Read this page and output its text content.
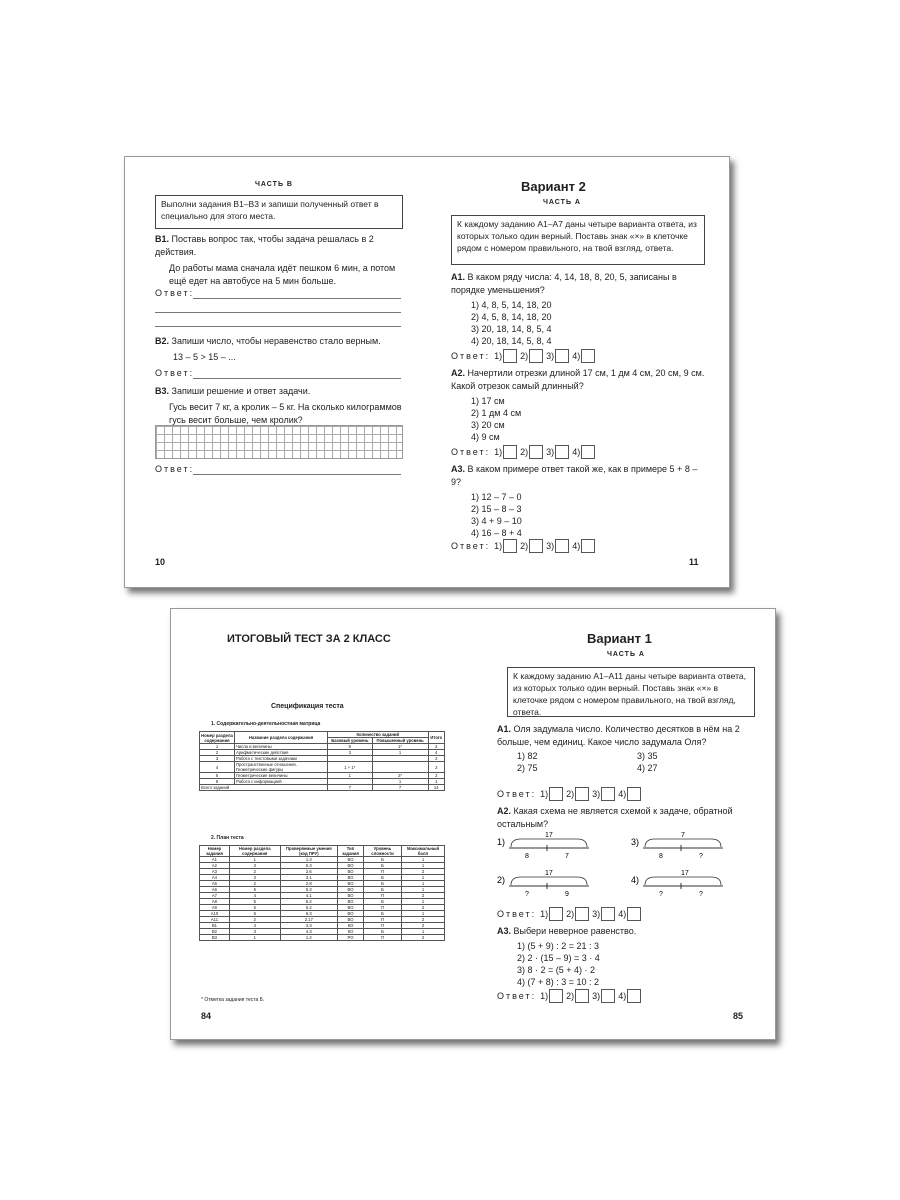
ЧАСТЬ В
Выполни задания В1–В3 и запиши полученный ответ в специально для этого места.
В1. Поставь вопрос так, чтобы задача решалась в 2 действия.
До работы мама сначала идёт пешком 6 мин, а потом ещё едет на автобусе на 5 мин больше.
Ответ:
В2. Запиши число, чтобы неравенство стало верным.
13 – 5 > 15 – ...
Ответ:
В3. Запиши решение и ответ задачи.
Гусь весит 7 кг, а кролик – 5 кг. На сколько килограммов гусь весит больше, чем кролик?
Ответ:
10
Вариант 2
ЧАСТЬ А
К каждому заданию А1–А7 даны четыре варианта ответа, из которых только один верный. Поставь знак «×» в клеточке рядом с номером правильного, на твой взгляд, ответа.
А1. В каком ряду числа: 4, 14, 18, 8, 20, 5, записаны в порядке уменьшения?
1) 4, 8, 5, 14, 18, 20
2) 4, 5, 8, 14, 18, 20
3) 20, 18, 14, 8, 5, 4
4) 20, 18, 14, 5, 8, 4
Ответ: 1) 2) 3) 4)
А2. Начертили отрезки длиной 17 см, 1 дм 4 см, 20 см, 9 см. Какой отрезок самый длинный?
1) 17 см
2) 1 дм 4 см
3) 20 см
4) 9 см
Ответ: 1) 2) 3) 4)
А3. В каком примере ответ такой же, как в примере 5 + 8 – 9?
1) 12 – 7 – 0
2) 15 – 8 – 3
3) 4 + 9 – 10
4) 16 – 8 + 4
Ответ: 1) 2) 3) 4)
11
ИТОГОВЫЙ ТЕСТ ЗА 2 КЛАСС
Спецификация теста
1. Содержательно-деятельностная матрица
Номер раздела содержания	Название раздела содержания	Количество заданий		Итого
		Базовый уровень	Повышенный уровень	
1	Числа и величины	5	1*	2
2	Арифметические действия	3	1	4
3	Работа с текстовыми задачами			2
4	Пространственные отношения. Геометрические фигуры	1 + 1*		2
5	Геометрические величины	1	2*	2
6	Работа с информацией		1	1
Всего заданий		7	7	14
2. План теста
Номер задания	Номер раздела содержания	Проверяемые умения (код ПРУ)	Тип задания	Уровень сложности	Максимальный балл
А1	1	1.3	ВО	Б	1
А2	3	5.3	ВО	Б	1
А3	2	2.6	ВО	П	2
А4	3	3.1	ВО	Б	1
А5	2	2.8	ВО	Б	1
А6	5	5.3	ВО	Б	1
А7	4	4.1	ВО	П	2
А8	5	5.2	ВО	Б	1
А9	5	5.2	ВО	П	2
А10	6	6.3	ВО	Б	1
А11	2	2.17	ВО	П	2
В1	4	3.3	КО	П	2
В2	3	4.3	КО	Б	1
В3	1	1.2	РО	П	2
* Отметка задания теста Б.
84
Вариант 1
ЧАСТЬ А
К каждому заданию А1–А11 даны четыре варианта ответа, из которых только один верный. Поставь знак «×» в клеточке рядом с номером правильного, на твой взгляд, ответа.
А1. Оля задумала число. Количество десятков в нём на 2 больше, чем единиц. Какое число задумала Оля?
1) 82	3) 35
2) 75	4) 27
Ответ: 1) 2) 3) 4)
А2. Какая схема не является схемой к задаче, обратной остальным?
1)
17
8	7
3)
7
8	?
2)
17
?	9
4)
17
?	?
Ответ: 1) 2) 3) 4)
А3. Выбери неверное равенство.
1) (5 + 9) : 2 = 21 : 3
2) 2 · (15 – 9) = 3 · 4
3) 8 · 2 = (5 + 4) · 2
4) (7 + 8) : 3 = 10 : 2
Ответ: 1) 2) 3) 4)
85
